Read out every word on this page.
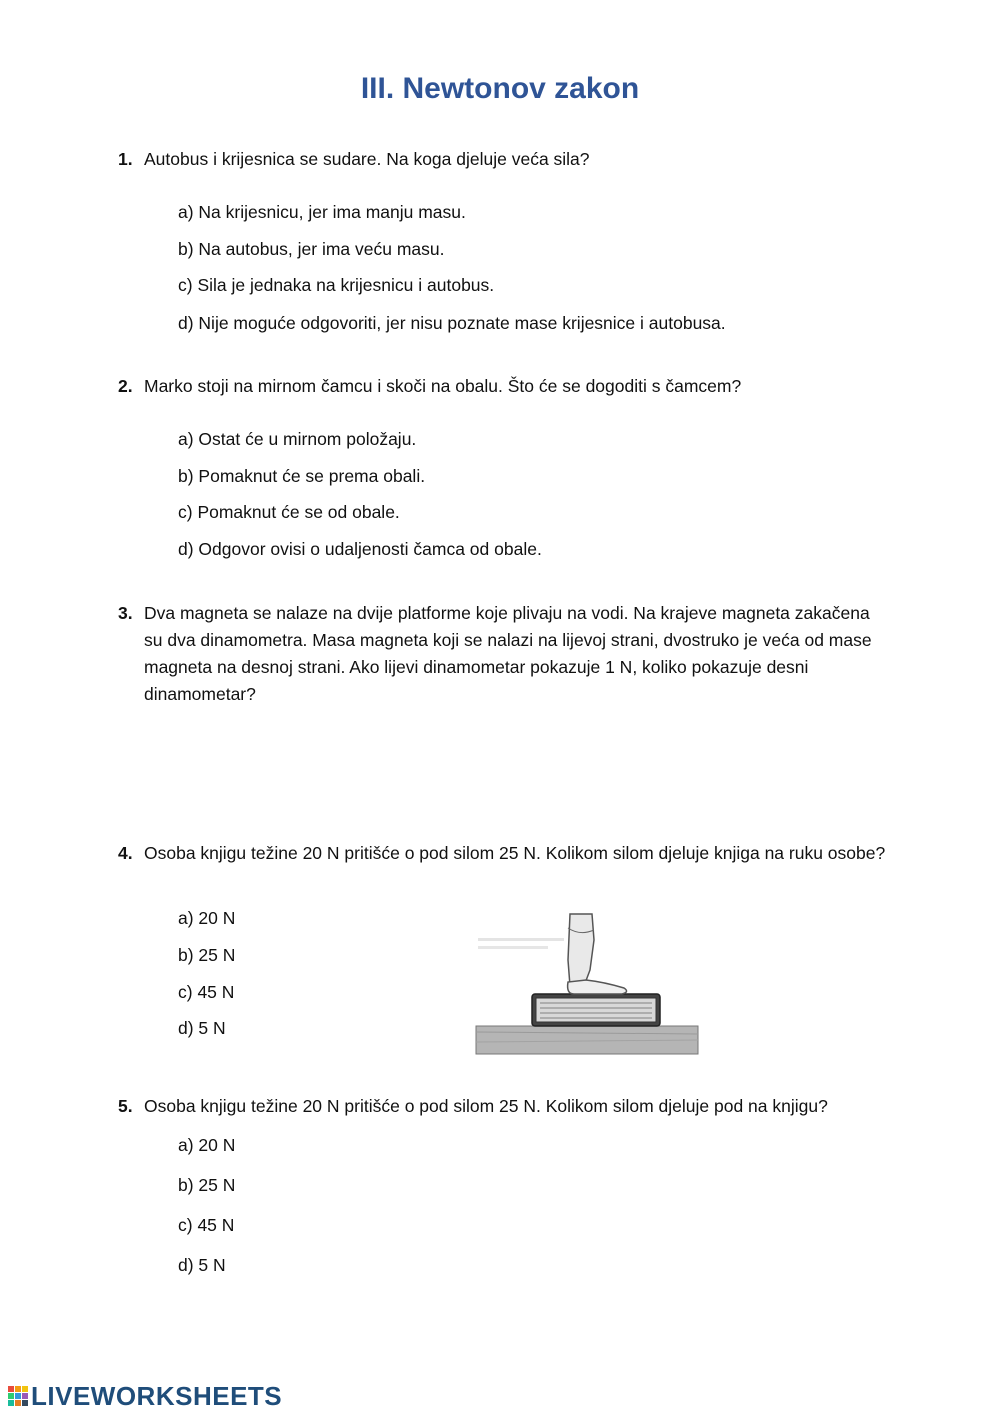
III. Newtonov zakon
1. Autobus i krijesnica se sudare. Na koga djeluje veća sila?
a) Na krijesnicu, jer ima manju masu.
b) Na autobus, jer ima veću masu.
c) Sila je jednaka na krijesnicu i autobus.
d) Nije moguće odgovoriti, jer nisu poznate mase krijesnice i autobusa.
2. Marko stoji na mirnom čamcu i skoči na obalu. Što će se dogoditi s čamcem?
a) Ostat će u mirnom položaju.
b) Pomaknut će se prema obali.
c) Pomaknut će se od obale.
d) Odgovor ovisi o udaljenosti čamca od obale.
3. Dva magneta se nalaze na dvije platforme koje plivaju na vodi. Na krajeve magneta zakačena su dva dinamometra. Masa magneta koji se nalazi na lijevoj strani, dvostruko je veća od mase magneta na desnoj strani. Ako lijevi dinamometar pokazuje 1 N, koliko pokazuje desni dinamometar?
4. Osoba knjigu težine 20 N pritišće o pod silom 25 N. Kolikom silom djeluje knjiga na ruku osobe?
a) 20 N
b) 25 N
c) 45 N
d) 5 N
5. Osoba knjigu težine 20 N pritišće o pod silom 25 N. Kolikom silom djeluje pod na knjigu?
a) 20 N
b) 25 N
c) 45 N
d) 5 N
LIVEWORKSHEETS
